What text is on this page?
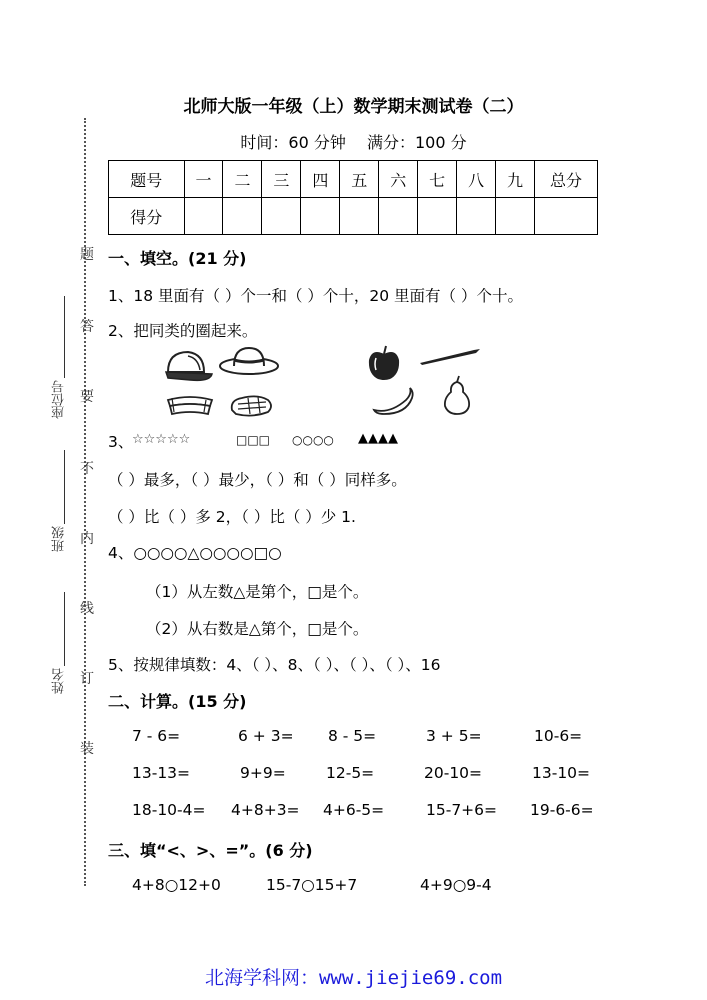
北师大版一年级（上）数学期末测试卷（二）
时间：60 分钟 满分：100 分
题号	一	二	三	四	五	六	七	八	九	总分
得分										
题
答
要
不
内
线
订
装
座位号
班级
姓名
一、填空。(21 分)
1、18 里面有（ ）个一和（ ）个十，20 里面有（ ）个十。
2、把同类的圈起来。
3、
☆☆☆☆☆	□□□ ○○○○ ▲▲▲▲
（ ）最多，（ ）最少，（ ）和（ ）同样多。
（ ）比（ ）多 2，（ ）比（ ）少 1.
4、○○○○△○○○○□○
（1）从左数△是第个，□是个。
（2）从右数是△第个，□是个。
5、按规律填数：4、（ ）、8、（ ）、（ ）、（ ）、16
二、计算。(15 分)
7 - 6=	6 + 3= 8 - 5=	3 + 5=	10-6=
13-13=	9+9=	12-5=	20-10=	13-10=
18-10-4= 4+8+3= 4+6-5=	15-7+6= 19-6-6=
三、填“<、>、=”。(6 分)
4+8○12+0	15-7○15+7	4+9○9-4
北海学科网：www.jiejie69.com
